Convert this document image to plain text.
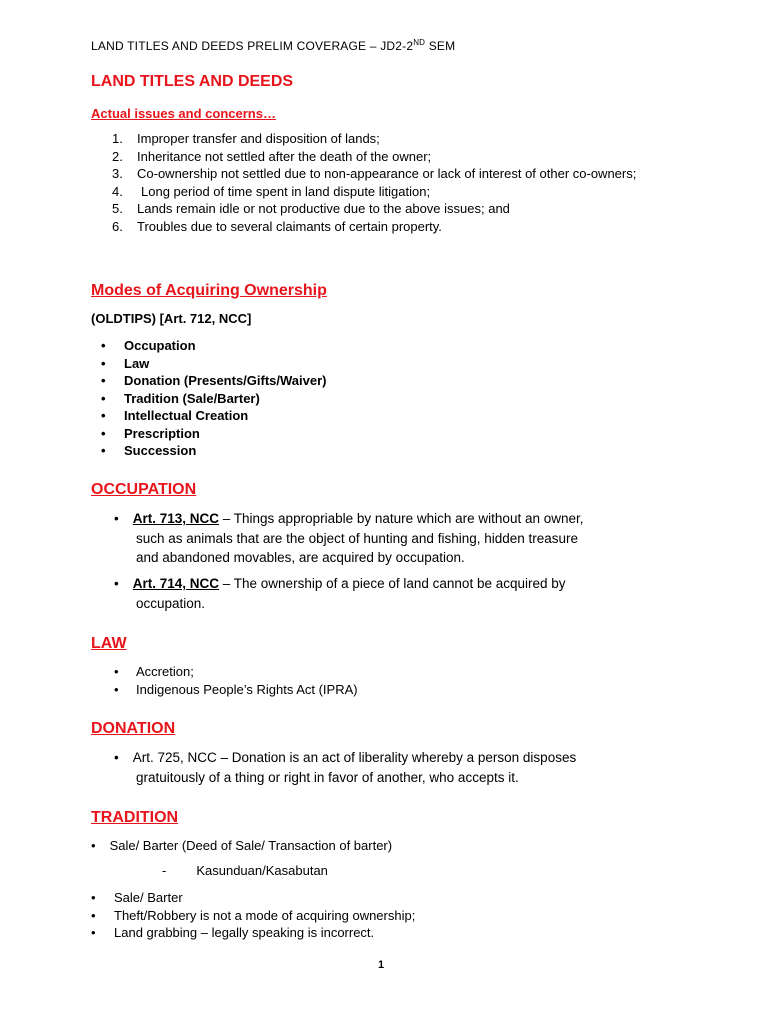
LAND TITLES AND DEEDS PRELIM COVERAGE – JD2-2ND SEM
LAND TITLES AND DEEDS
Actual issues and concerns…
1. Improper transfer and disposition of lands;
2. Inheritance not settled after the death of the owner;
3. Co-ownership not settled due to non-appearance or lack of interest of other co-owners;
4. Long period of time spent in land dispute litigation;
5. Lands remain idle or not productive due to the above issues; and
6. Troubles due to several claimants of certain property.
Modes of Acquiring Ownership
(OLDTIPS) [Art. 712, NCC]
• Occupation
• Law
• Donation (Presents/Gifts/Waiver)
• Tradition (Sale/Barter)
• Intellectual Creation
• Prescription
• Succession
OCCUPATION
• Art. 713, NCC – Things appropriable by nature which are without an owner,
such as animals that are the object of hunting and fishing, hidden treasure
and abandoned movables, are acquired by occupation.
• Art. 714, NCC – The ownership of a piece of land cannot be acquired by
occupation.
LAW
• Accretion;
• Indigenous People’s Rights Act (IPRA)
DONATION
• Art. 725, NCC – Donation is an act of liberality whereby a person disposes
gratuitously of a thing or right in favor of another, who accepts it.
TRADITION
• Sale/ Barter (Deed of Sale/ Transaction of barter)
- Kasunduan/Kasabutan
• Sale/ Barter
• Theft/Robbery is not a mode of acquiring ownership;
• Land grabbing – legally speaking is incorrect.
1
